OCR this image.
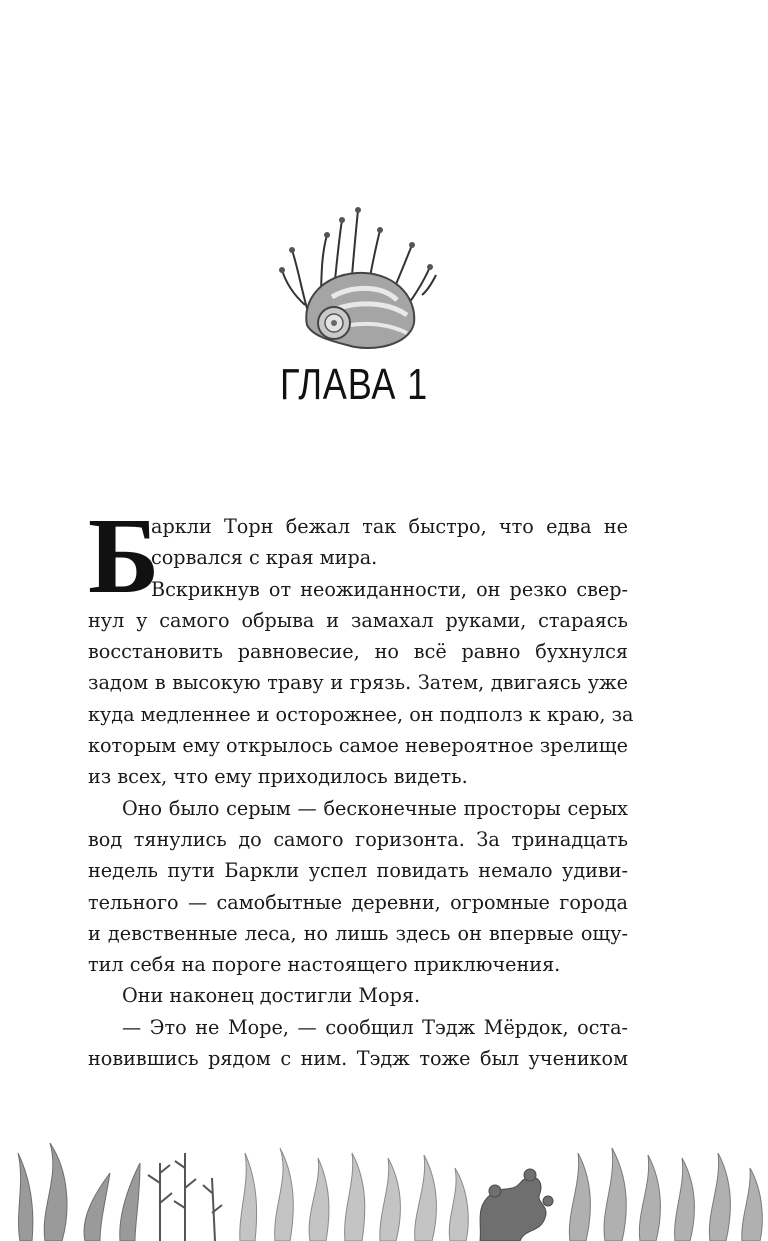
ГЛАВА 1
Б
аркли Торн бежал так быстро, что едва не
сорвался с края мира.
Вскрикнув от неожиданности, он резко свер-
нул у самого обрыва и замахал руками, стараясь
восстановить равновесие, но всё равно бухнулся
задом в высокую траву и грязь. Затем, двигаясь уже
куда медленнее и осторожнее, он подполз к краю, за
которым ему открылось самое невероятное зрелище
из всех, что ему приходилось видеть.
Оно было серым — бесконечные просторы серых
вод тянулись до самого горизонта. За тринадцать
недель пути Баркли успел повидать немало удиви-
тельного — самобытные деревни, огромные города
и девственные леса, но лишь здесь он впервые ощу-
тил себя на пороге настоящего приключения.
Они наконец достигли Моря.
— Это не Море, — сообщил Тэдж Мёрдок, оста-
новившись рядом с ним. Тэдж тоже был учеником
